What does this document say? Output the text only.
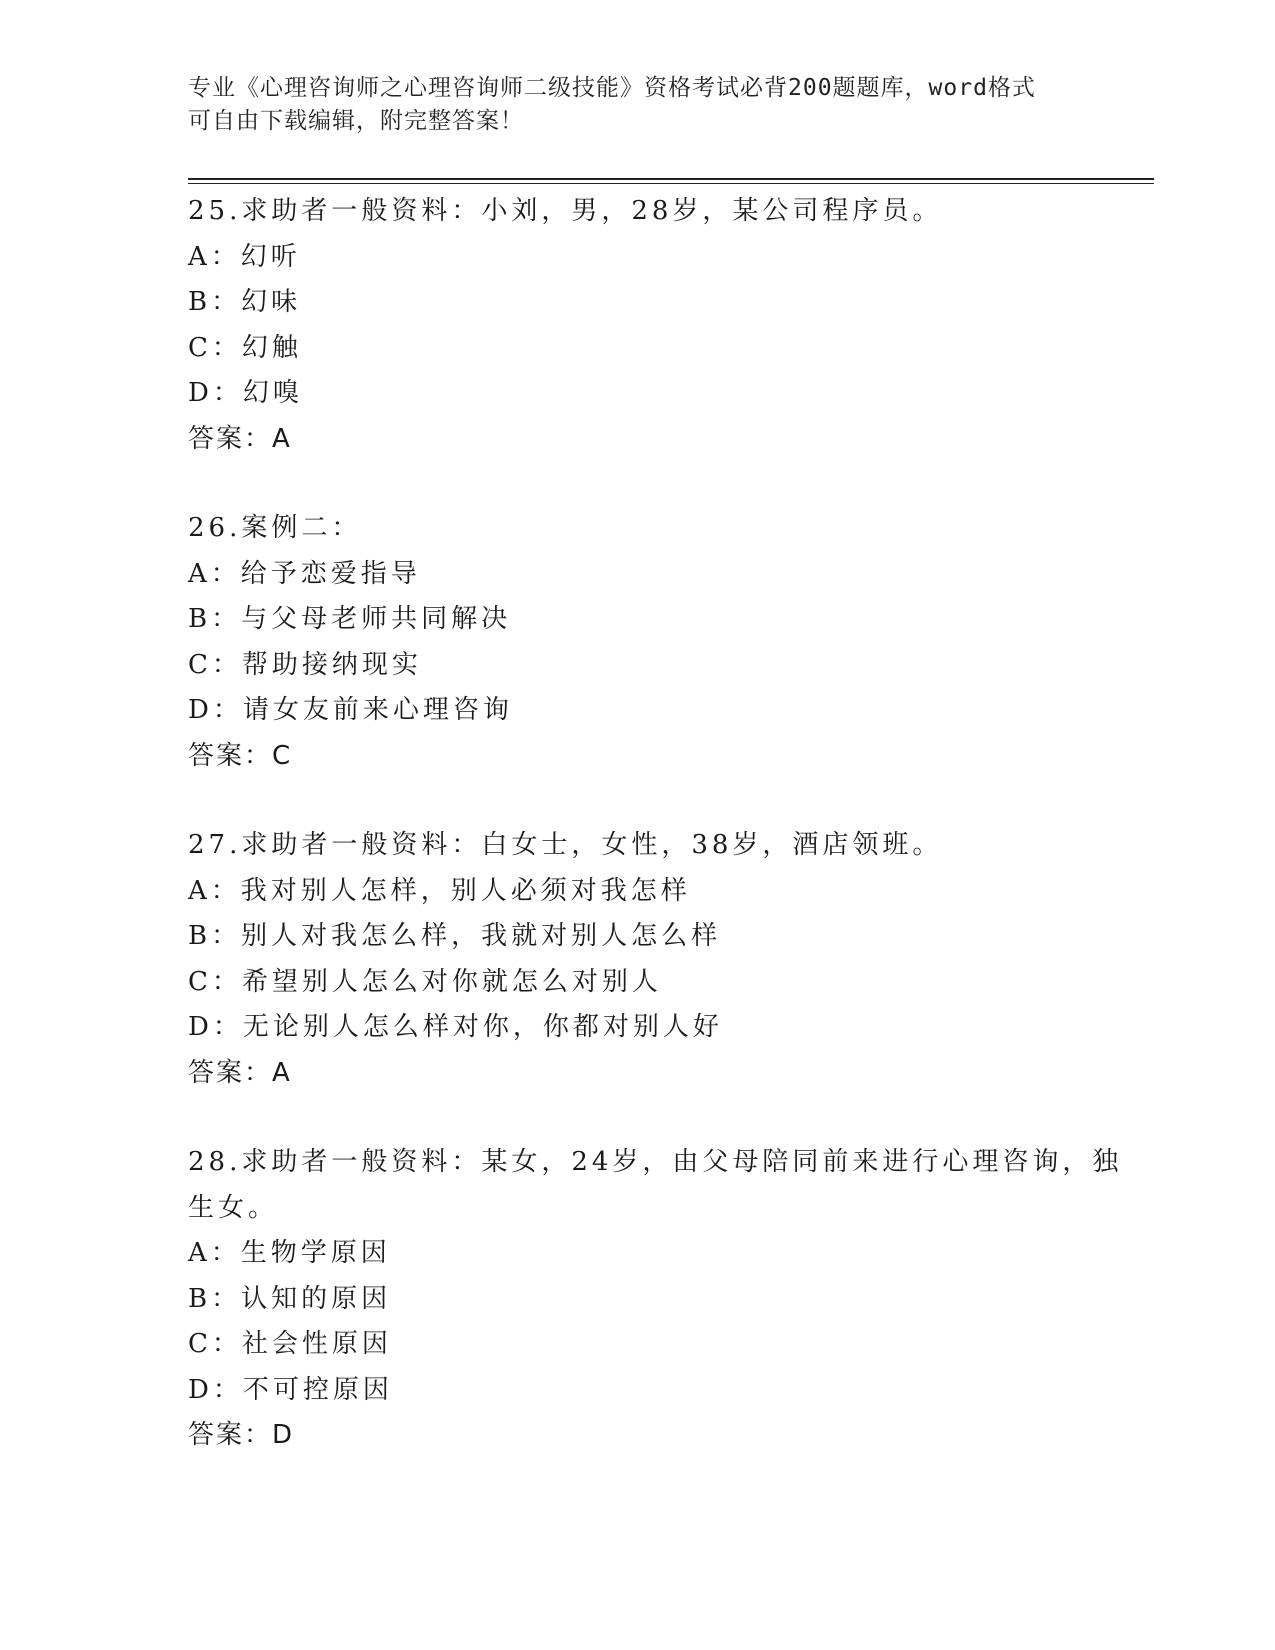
专业《心理咨询师之心理咨询师二级技能》资格考试必背200题题库，word格式
可自由下载编辑，附完整答案！
25.求助者一般资料：小刘，男，28岁，某公司程序员。
A：幻听
B：幻味
C：幻触
D：幻嗅
答案：A
26.案例二：
A：给予恋爱指导
B：与父母老师共同解决
C：帮助接纳现实
D：请女友前来心理咨询
答案：C
27.求助者一般资料：白女士，女性，38岁，酒店领班。
A：我对别人怎样，别人必须对我怎样
B：别人对我怎么样，我就对别人怎么样
C：希望别人怎么对你就怎么对别人
D：无论别人怎么样对你，你都对别人好
答案：A
28.求助者一般资料：某女，24岁，由父母陪同前来进行心理咨询，独
生女。
A：生物学原因
B：认知的原因
C：社会性原因
D：不可控原因
答案：D
